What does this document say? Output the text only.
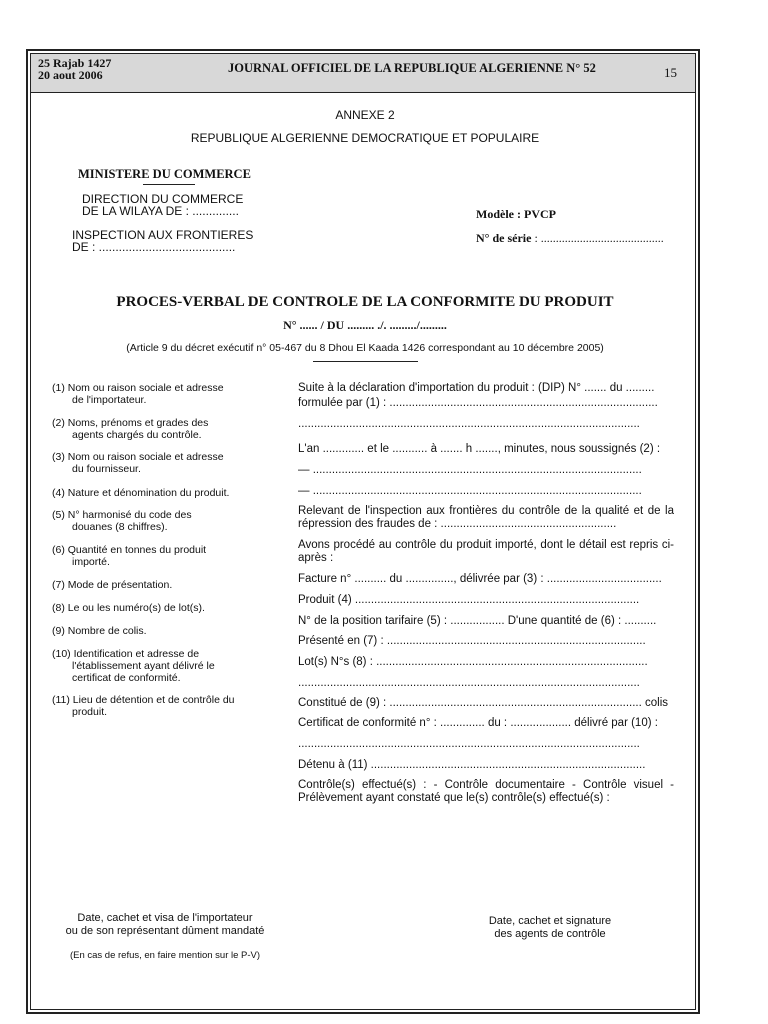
25 Rajab 1427
20 aout 2006	JOURNAL OFFICIEL DE LA REPUBLIQUE ALGERIENNE N° 52	15
ANNEXE 2
REPUBLIQUE ALGERIENNE DEMOCRATIQUE ET POPULAIRE
MINISTERE DU COMMERCE
DIRECTION DU COMMERCE
DE LA WILAYA DE : ..............
INSPECTION AUX FRONTIERES
DE : .........................................
Modèle : PVCP
N° de série : .........................................
PROCES-VERBAL DE CONTROLE DE LA CONFORMITE DU PRODUIT
N° ...... / DU ......... ./. ........./.........
(Article 9 du décret exécutif n° 05-467 du 8 Dhou El Kaada 1426 correspondant au 10 décembre 2005)
(1) Nom ou raison sociale et adresse
de l'importateur.
(2) Noms, prénoms et grades des
agents chargés du contrôle.
(3) Nom ou raison sociale et adresse
du fournisseur.
(4) Nature et dénomination du produit.
(5) N° harmonisé du code des
douanes (8 chiffres).
(6) Quantité en tonnes du produit
importé.
(7) Mode de présentation.
(8) Le ou les numéro(s) de lot(s).
(9) Nombre de colis.
(10) Identification et adresse de
l'établissement ayant délivré le
certificat de conformité.
(11) Lieu de détention et de contrôle du
produit.
Suite à la déclaration d'importation du produit : (DIP) N° ....... du .........
formulée par (1) : ....................................................................................
...........................................................................................................
L'an ............. et le ........... à ....... h ......., minutes, nous soussignés (2) :
— .......................................................................................................
— .......................................................................................................
Relevant de l'inspection aux frontières du contrôle de la qualité et de la répression des fraudes de : .......................................................
Avons procédé au contrôle du produit importé, dont le détail est repris ci-après :
Facture n° .......... du ..............., délivrée par (3) : ....................................
Produit (4) .........................................................................................
N° de la position tarifaire (5) : ................. D'une quantité de (6) : ..........
Présenté en (7) : .................................................................................
Lot(s) N°s (8) : .....................................................................................
...........................................................................................................
Constitué de (9) : ............................................................................... colis
Certificat de conformité n° : .............. du : ................... délivré par (10) :
...........................................................................................................
Détenu à (11) ......................................................................................
Contrôle(s) effectué(s) : - Contrôle documentaire - Contrôle visuel - Prélèvement ayant constaté que le(s) contrôle(s) effectué(s) :
Date, cachet et visa de l'importateur
ou de son représentant dûment mandaté
(En cas de refus, en faire mention sur le P-V)
Date, cachet et signature
des agents de contrôle
